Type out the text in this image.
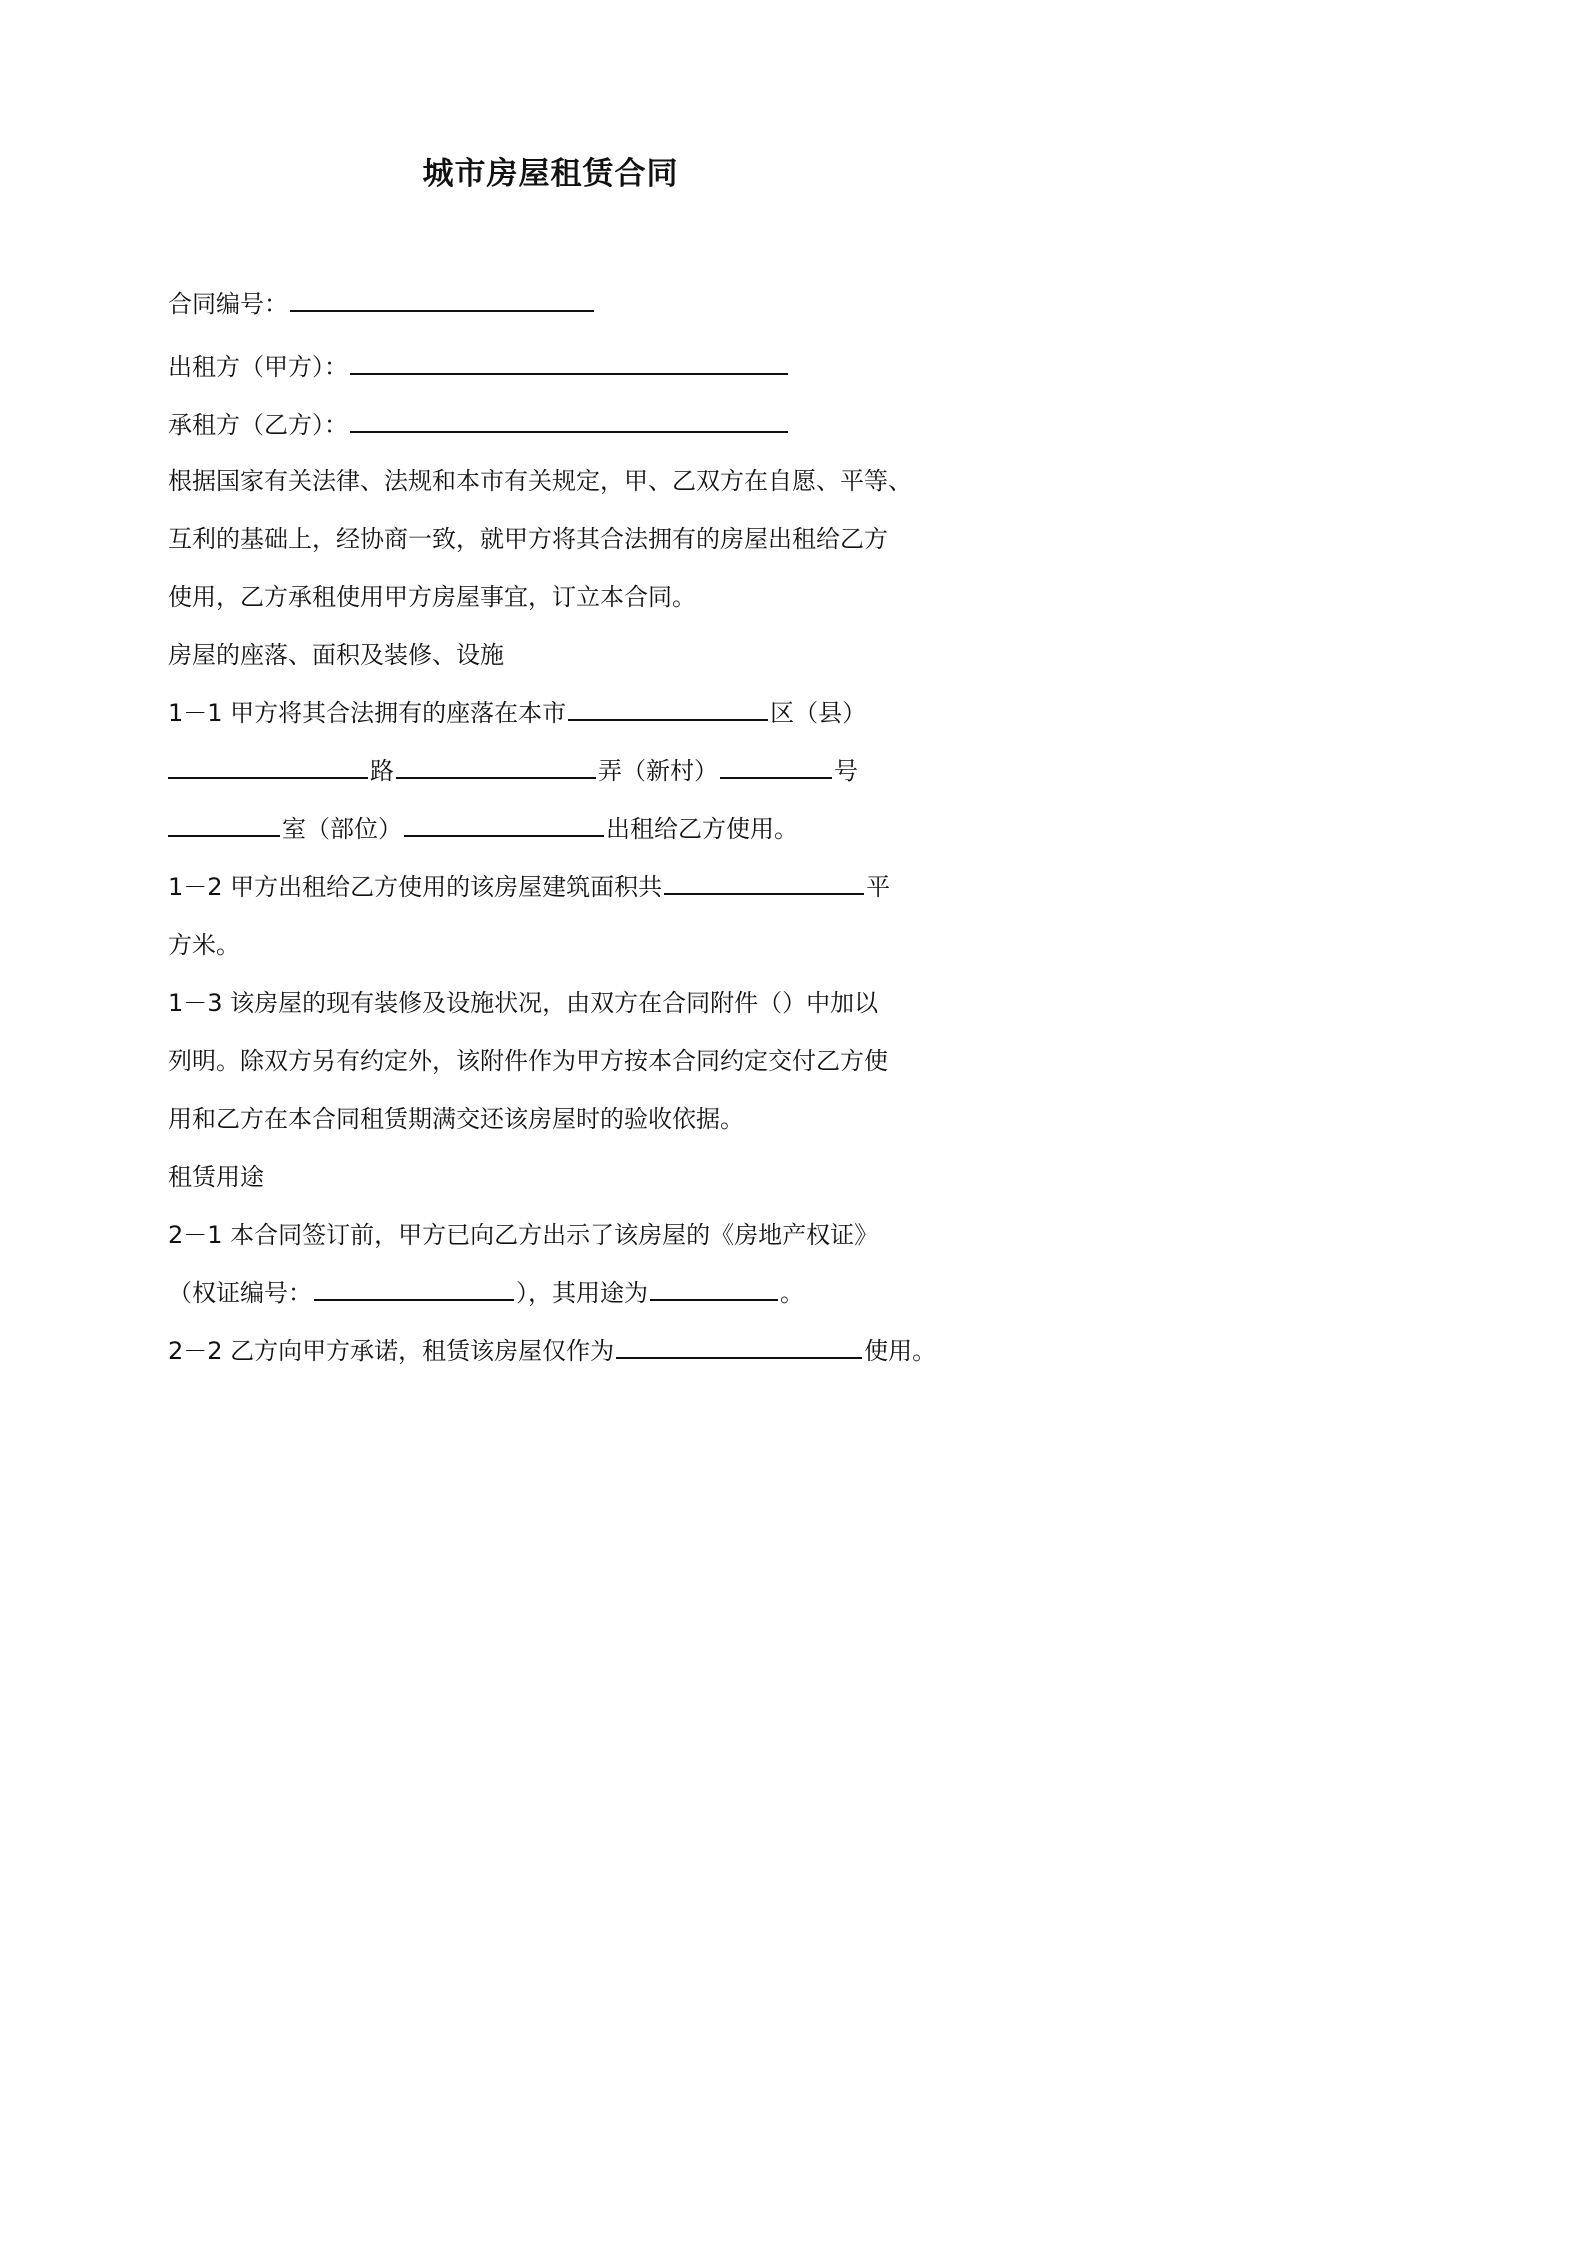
城市房屋租赁合同
合同编号：
出租方（甲方）：
承租方（乙方）：
根据国家有关法律、法规和本市有关规定，甲、乙双方在自愿、平等、
互利的基础上，经协商一致，就甲方将其合法拥有的房屋出租给乙方
使用，乙方承租使用甲方房屋事宜，订立本合同。
房屋的座落、面积及装修、设施
1－1 甲方将其合法拥有的座落在本市	区（县）
路	弄（新村）	号
室（部位）	出租给乙方使用。
1－2 甲方出租给乙方使用的该房屋建筑面积共	平
方米。
1－3 该房屋的现有装修及设施状况，由双方在合同附件（）中加以
列明。除双方另有约定外，该附件作为甲方按本合同约定交付乙方使
用和乙方在本合同租赁期满交还该房屋时的验收依据。
租赁用途
2－1 本合同签订前，甲方已向乙方出示了该房屋的《房地产权证》
（权证编号：	），其用途为	。
2－2 乙方向甲方承诺，租赁该房屋仅作为	使用。
